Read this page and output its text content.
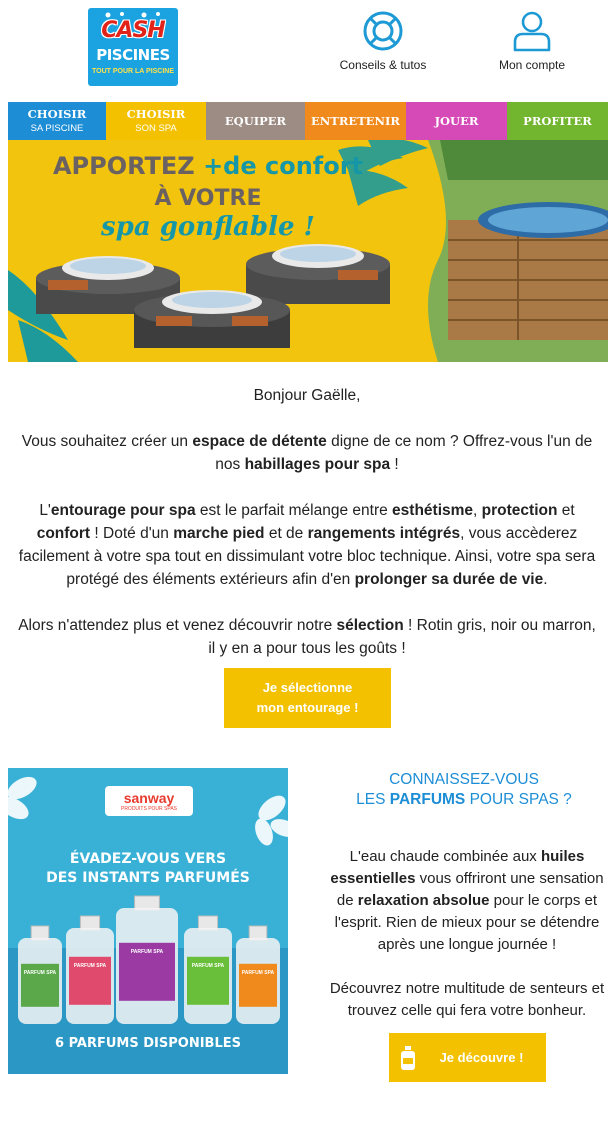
CASH
PISCINES
TOUT POUR LA PISCINE	Conseils & tutos	Mon compte
CHOISIR
SA PISCINE
CHOISIR
SON SPA
EQUIPER ENTRETENIR	JOUER	PROFITER
APPORTEZ +de confort
À VOTRE
spa gonflable !

Bonjour Gaëlle,

Vous souhaitez créer un espace de détente digne de ce nom ? Offrez-vous l'un de nos habillages pour spa !

L'entourage pour spa est le parfait mélange entre esthétisme, protection et confort ! Doté d'un marche pied et de rangements intégrés, vous accèderez facilement à votre spa tout en dissimulant votre bloc technique. Ainsi, votre spa sera protégé des éléments extérieurs afin d'en prolonger sa durée de vie.

Alors n'attendez plus et venez découvrir notre sélection ! Rotin gris, noir ou marron, il y en a pour tous les goûts !

Je sélectionne
mon entourage !
PARFUM SPA
PARFUM SPA
PARFUM SPA
PARFUM SPA
PARFUM SPA
sanway
PRODUITS POUR SPAS
ÉVADEZ-VOUS VERS
DES INSTANTS PARFUMÉS
6 PARFUMS DISPONIBLES
CONNAISSEZ-VOUS
LES PARFUMS POUR SPAS ?

L'eau chaude combinée aux huiles essentielles vous offriront une sensation de relaxation absolue pour le corps et l'esprit. Rien de mieux pour se détendre après une longue journée !

Découvrez notre multitude de senteurs et trouvez celle qui fera votre bonheur.

Je découvre !
